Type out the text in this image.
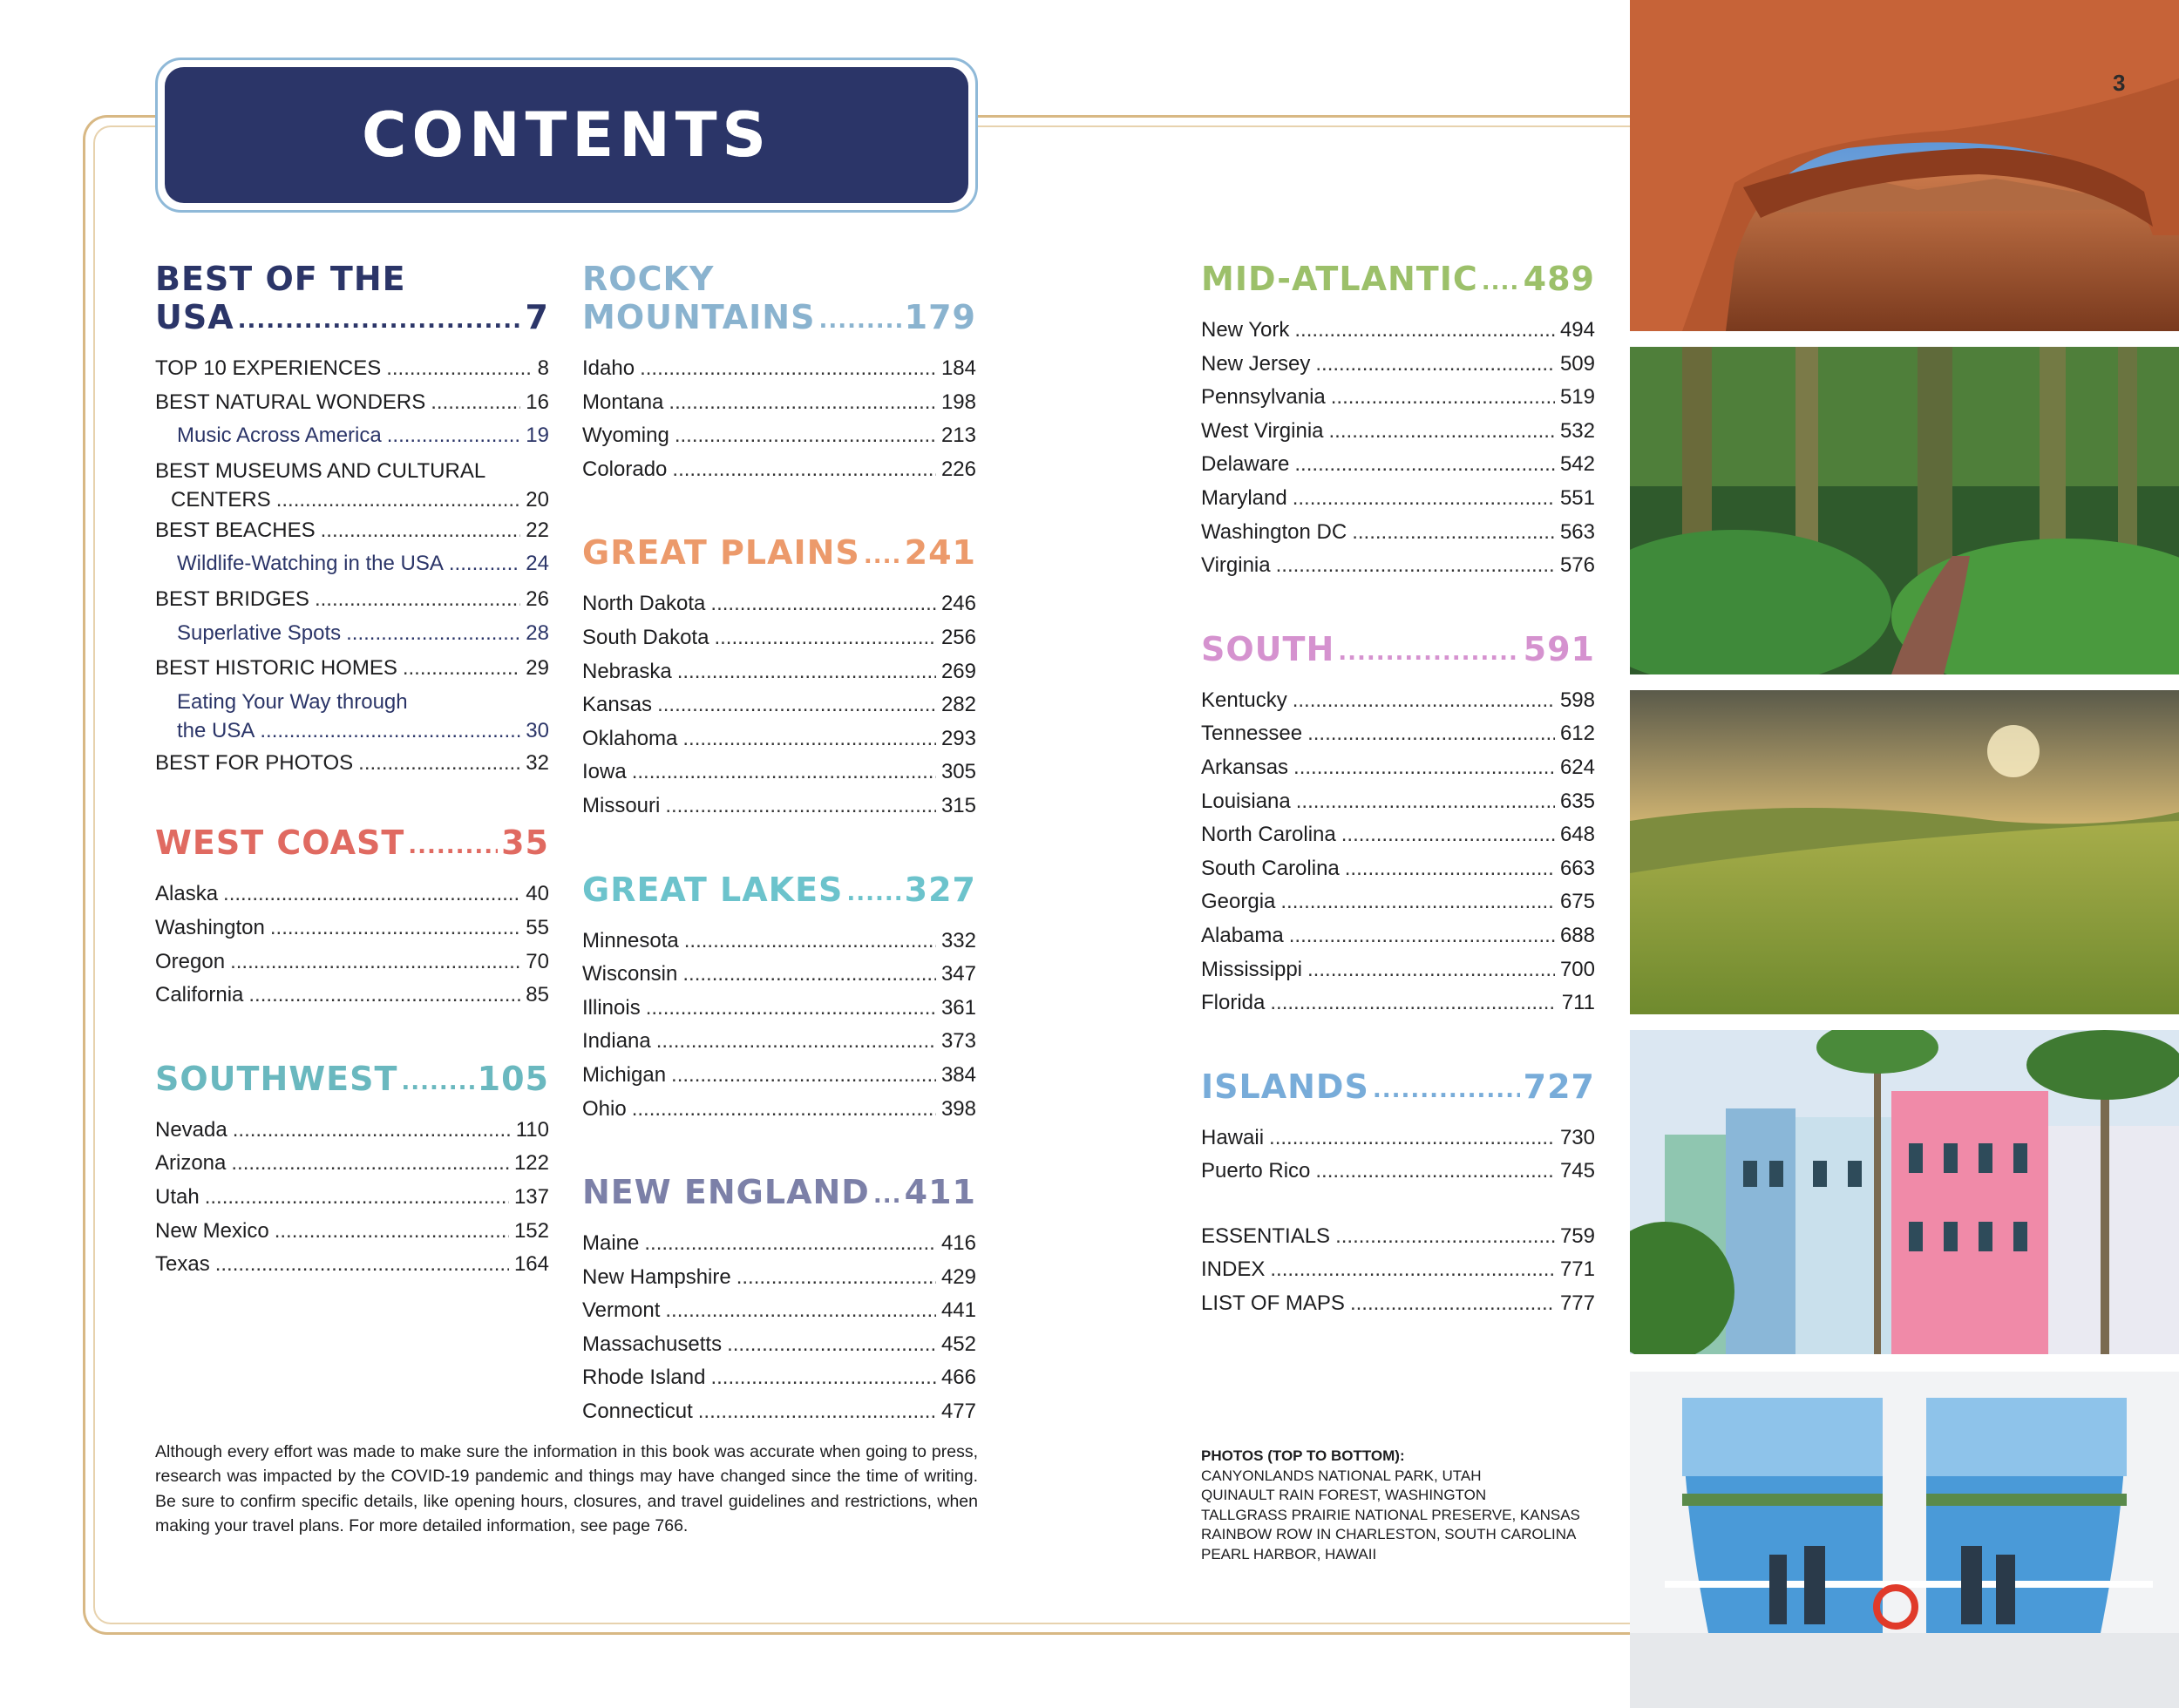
CONTENTS
BEST OF THE
USA .....	7
TOP 10 EXPERIENCES .....	8
BEST NATURAL WONDERS .....	16
Music Across America .....	19
BEST MUSEUMS AND CULTURAL
CENTERS .....	20
BEST BEACHES .....	22
Wildlife-Watching in the USA .....	24
BEST BRIDGES .....	26
Superlative Spots .....	28
BEST HISTORIC HOMES .....	29
Eating Your Way through
the USA .....	30
BEST FOR PHOTOS .....	32
WEST COAST .....	35
Alaska .....	40
Washington .....	55
Oregon .....	70
California .....	85
SOUTHWEST ..... 105
Nevada .....	110
Arizona .....	122
Utah .....	137
New Mexico .....	152
Texas .....	164
ROCKY
MOUNTAINS .....	179
Idaho .....	184
Montana .....	198
Wyoming .....	213
Colorado .....	226
GREAT PLAINS ..... 241
North Dakota .....	246
South Dakota .....	256
Nebraska .....	269
Kansas .....	282
Oklahoma .....	293
Iowa .....	305
Missouri .....	315
GREAT LAKES ..... 327
Minnesota .....	332
Wisconsin .....	347
Illinois .....	361
Indiana .....	373
Michigan .....	384
Ohio .....	398
NEW ENGLAND ..... 411
Maine .....	416
New Hampshire .....	429
Vermont .....	441
Massachusetts .....	452
Rhode Island .....	466
Connecticut .....	477
MID-ATLANTIC ..... 489
New York .....	494
New Jersey .....	509
Pennsylvania .....	519
West Virginia .....	532
Delaware .....	542
Maryland .....	551
Washington DC .....	563
Virginia .....	576
SOUTH .....	591
Kentucky .....	598
Tennessee .....	612
Arkansas .....	624
Louisiana .....	635
North Carolina .....	648
South Carolina .....	663
Georgia .....	675
Alabama .....	688
Mississippi .....	700
Florida .....	711
ISLANDS .....	727
Hawaii .....	730
Puerto Rico .....	745
ESSENTIALS .....	759
INDEX .....	771
LIST OF MAPS .....	777

Although every effort was made to make sure the information in this book was accurate when going to press, research was impacted by the COVID-19 pandemic and things may have changed since the time of writing. Be sure to confirm specific details, like opening hours, closures, and travel guidelines and restrictions, when making your travel plans. For more detailed information, see page 766.

PHOTOS (TOP TO BOTTOM):
CANYONLANDS NATIONAL PARK, UTAH
QUINAULT RAIN FOREST, WASHINGTON
TALLGRASS PRAIRIE NATIONAL PRESERVE, KANSAS
RAINBOW ROW IN CHARLESTON, SOUTH CAROLINA
PEARL HARBOR, HAWAII
3
